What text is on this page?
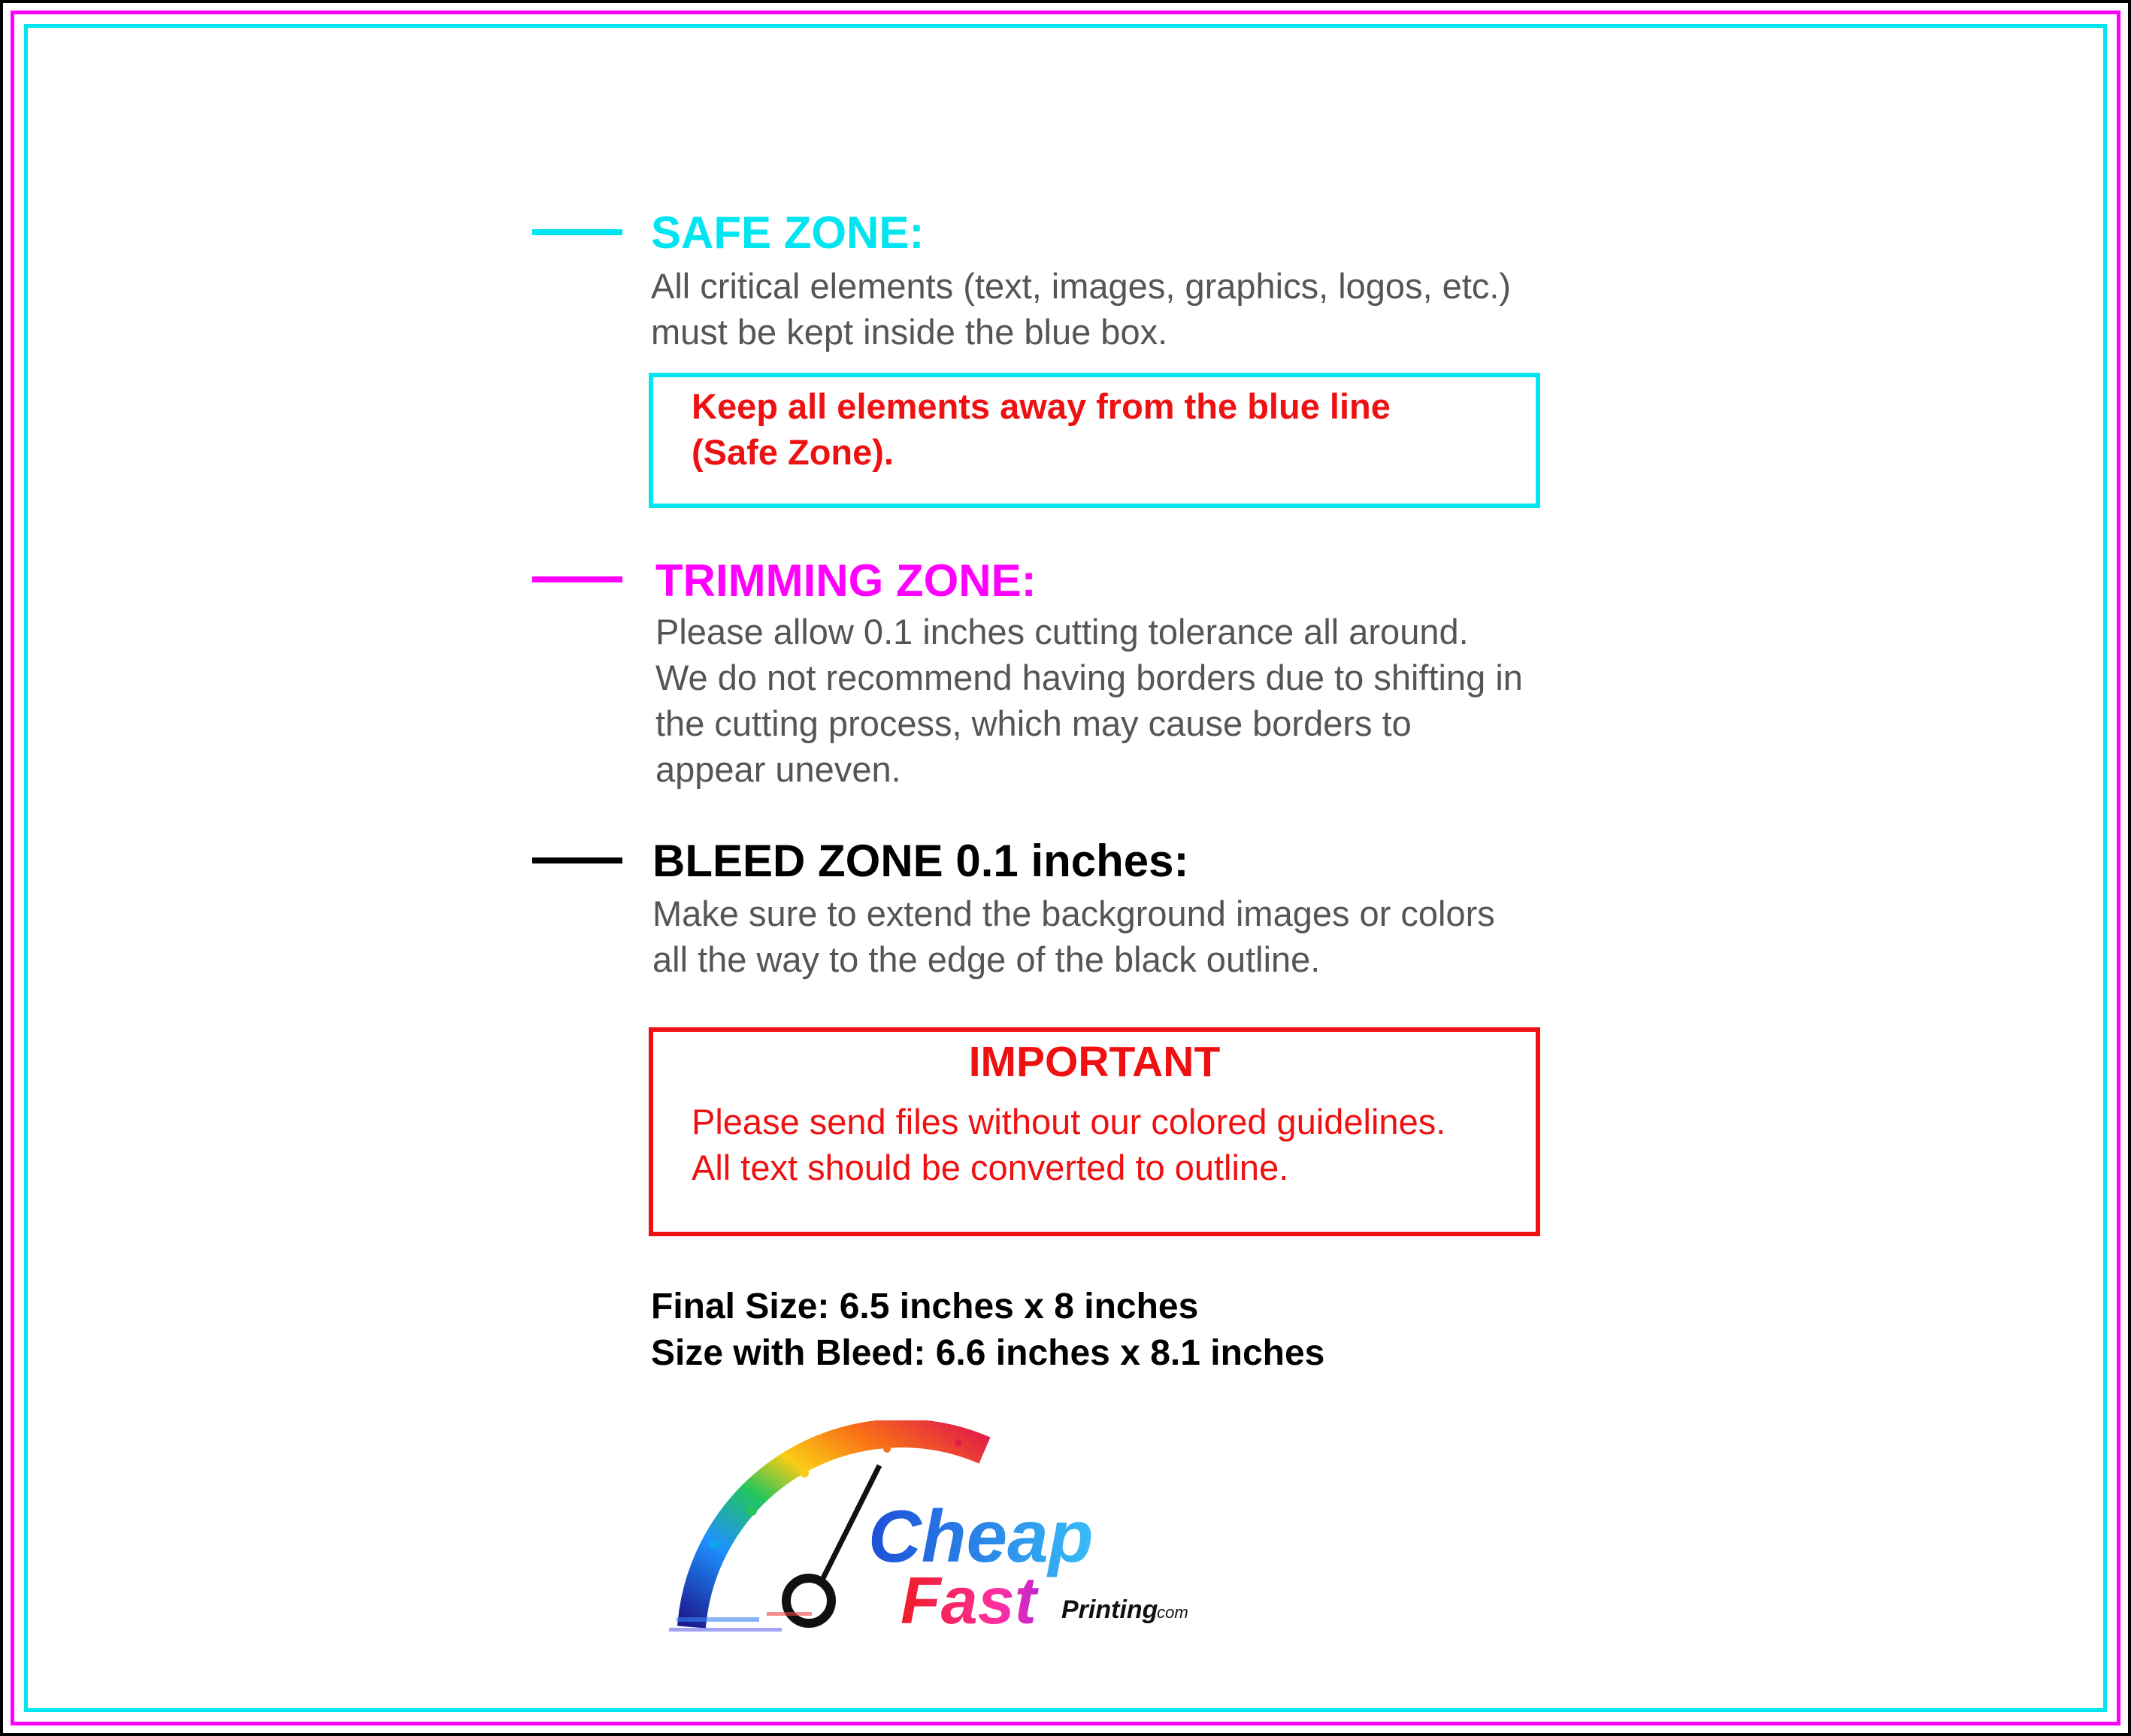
SAFE ZONE:

All critical elements (text, images, graphics, logos, etc.)
must be kept inside the blue box.

Keep all elements away from the blue line
(Safe Zone).

TRIMMING ZONE:

Please allow 0.1 inches cutting tolerance all around.
We do not recommend having borders due to shifting in
the cutting process, which may cause borders to
appear uneven.

BLEED ZONE 0.1 inches:

Make sure to extend the background images or colors
all the way to the edge of the black outline.

IMPORTANT

Please send files without our colored guidelines.
All text should be converted to outline.

Final Size: 6.5 inches x 8 inches
Size with Bleed: 6.6 inches x 8.1 inches

Cheap
Fast Printing
.com
